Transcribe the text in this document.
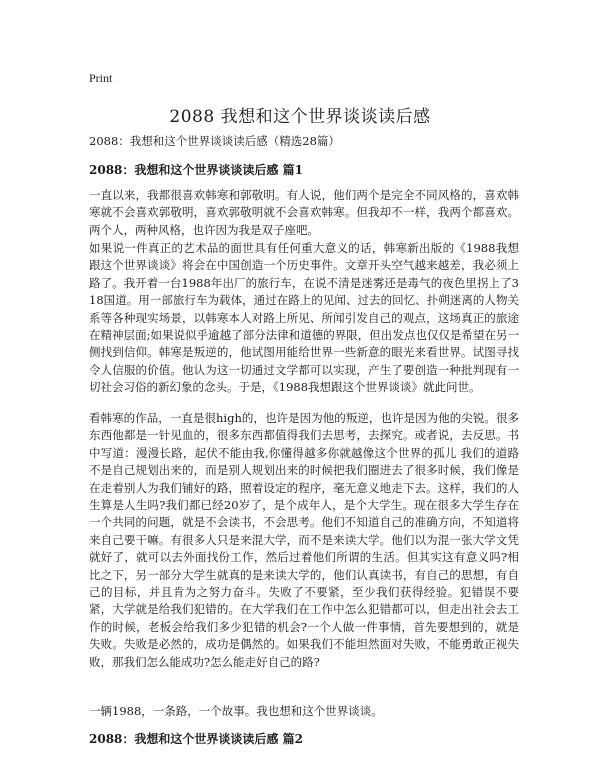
Print
2088 我想和这个世界谈谈读后感

2088：我想和这个世界谈谈读后感（精选28篇）

2088：我想和这个世界谈谈读后感 篇1

一直以来，我都很喜欢韩寒和郭敬明。有人说，他们两个是完全不同风格的，喜欢韩寒就不会喜欢郭敬明，喜欢郭敬明就不会喜欢韩寒。但我却不一样，我两个都喜欢。两个人，两种风格，也许因为我是双子座吧。

如果说一件真正的艺术品的面世具有任何重大意义的话，韩寒新出版的《1988我想跟这个世界谈谈》将会在中国创造一个历史事件。文章开头空气越来越差，我必须上路了。我开着一台1988年出厂的旅行车，在说不清是迷雾还是毒气的夜色里拐上了318国道。用一部旅行车为载体，通过在路上的见闻、过去的回忆、扑朔迷离的人物关系等各种现实场景，以韩寒本人对路上所见、所闻引发自己的观点，这场真正的旅途在精神层面;如果说似乎逾越了部分法律和道德的界限，但出发点也仅仅是希望在另一侧找到信仰。韩寒是叛逆的，他试图用能给世界一些新意的眼光来看世界。试图寻找令人信服的价值。他认为这一切通过文学都可以实现，产生了要创造一种批判现有一切社会习俗的新幻象的念头。于是，《1988我想跟这个世界谈谈》就此问世。

看韩寒的作品，一直是很high的，也许是因为他的叛逆，也许是因为他的尖锐。很多东西他都是一针见血的，很多东西都值得我们去思考，去探究。或者说，去反思。书中写道：漫漫长路，起伏不能由我,你懂得越多你就越像这个世界的孤儿 我们的道路不是自己规划出来的，而是别人规划出来的时候把我们圈进去了很多时候，我们像是在走着别人为我们铺好的路，照着设定的程序，毫无意义地走下去。这样，我们的人生算是人生吗?我们都已经20岁了，是个成年人，是个大学生。现在很多大学生存在一个共同的问题，就是不会读书，不会思考。他们不知道自己的准确方向，不知道将来自己要干嘛。有很多人只是来混大学，而不是来读大学。他们以为混一张大学文凭就好了，就可以去外面找份工作，然后过着他们所谓的生活。但其实这有意义吗?相比之下，另一部分大学生就真的是来读大学的，他们认真读书，有自己的思想，有自己的目标，并且肯为之努力奋斗。失败了不要紧，至少我们获得经验。犯错误不要紧，大学就是给我们犯错的。在大学我们在工作中怎么犯错都可以，但走出社会去工作的时候，老板会给我们多少犯错的机会?一个人做一件事情，首先要想到的，就是失败。失败是必然的，成功是偶然的。如果我们不能坦然面对失败，不能勇敢正视失败，那我们怎么能成功?怎么能走好自己的路?

一辆1988，一条路，一个故事。我也想和这个世界谈谈。

2088：我想和这个世界谈谈读后感 篇2
